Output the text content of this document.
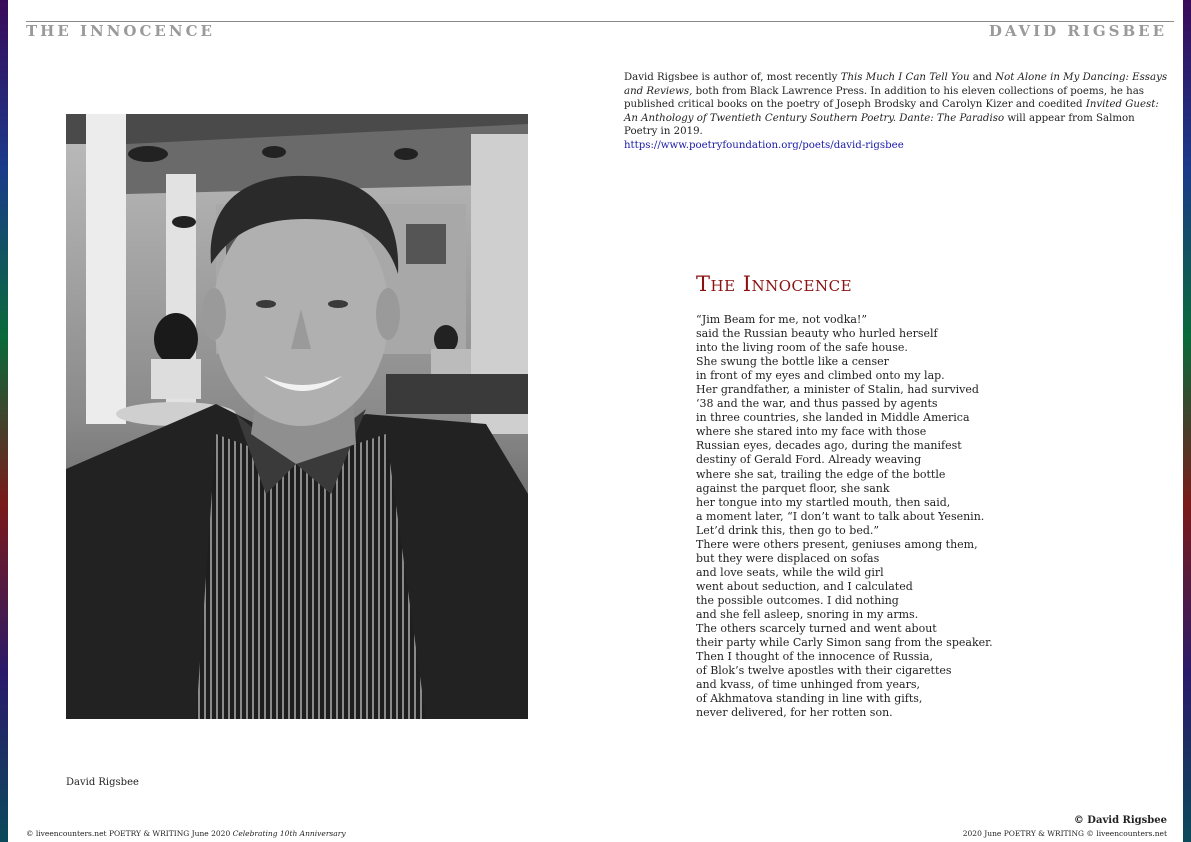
THE INNOCENCE	DAVID RIGSBEE
David Rigsbee
David Rigsbee is author of, most recently This Much I Can Tell You and Not Alone in My Dancing: Essays and Reviews, both from Black Lawrence Press. In addition to his eleven collections of poems, he has published critical books on the poetry of Joseph Brodsky and Carolyn Kizer and coedited Invited Guest: An Anthology of Twentieth Century Southern Poetry. Dante: The Paradiso will appear from Salmon Poetry in 2019.
https://www.poetryfoundation.org/poets/david-rigsbee
The Innocence
“Jim Beam for me, not vodka!”
said the Russian beauty who hurled herself
into the living room of the safe house.
She swung the bottle like a censer
in front of my eyes and climbed onto my lap.
Her grandfather, a minister of Stalin, had survived
‘38 and the war, and thus passed by agents
in three countries, she landed in Middle America
where she stared into my face with those
Russian eyes, decades ago, during the manifest
destiny of Gerald Ford. Already weaving
where she sat, trailing the edge of the bottle
against the parquet floor, she sank
her tongue into my startled mouth, then said,
a moment later, “I don’t want to talk about Yesenin.
Let’d drink this, then go to bed.”
There were others present, geniuses among them,
but they were displaced on sofas
and love seats, while the wild girl
went about seduction, and I calculated
the possible outcomes. I did nothing
and she fell asleep, snoring in my arms.
The others scarcely turned and went about
their party while Carly Simon sang from the speaker.
Then I thought of the innocence of Russia,
of Blok’s twelve apostles with their cigarettes
and kvass, of time unhinged from years,
of Akhmatova standing in line with gifts,
never delivered, for her rotten son.
© David Rigsbee
© liveencounters.net POETRY & WRITING June 2020 Celebrating 10th Anniversary	2020 June POETRY & WRITING © liveencounters.net
